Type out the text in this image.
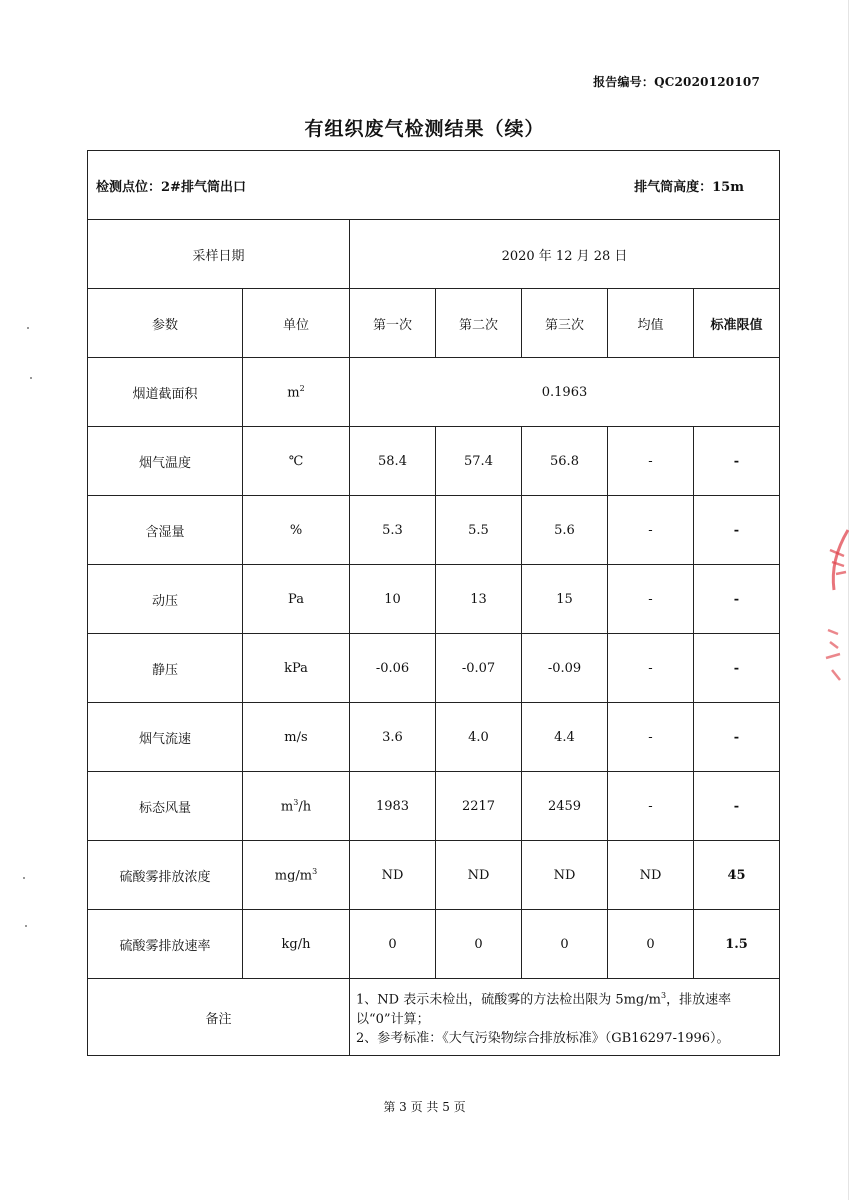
报告编号：QC2020120107
有组织废气检测结果（续）
检测点位：2#排气筒出口 排气筒高度：15m						

采样日期		2020 年 12 月 28 日				
参数	单位	第一次	第二次	第三次	均值	标准限值
烟道截面积	$m^2$	0.1963				
烟气温度	℃	58.4	57.4	56.8	-	-
含湿量	%	5.3	5.5	5.6	-	-
动压	Pa	10	13	15	-	-
静压	kPa	-0.06	-0.07	-0.09	-	-
烟气流速	m/s	3.6	4.0	4.4	-	-
标态风量	$m^3/h$	1983	2217	2459	-	-
硫酸雾排放浓度	$mg/m^3$	ND	ND	ND	ND	45
硫酸雾排放速率	kg/h	0	0	0	0	1.5
备注		1、ND 表示未检出，硫酸雾的方法检出限为 $5mg/m^3$，排放速率以“0”计算；
2、参考标准：《大气污染物综合排放标准》（GB16297-1996）。				
第 3 页 共 5 页
